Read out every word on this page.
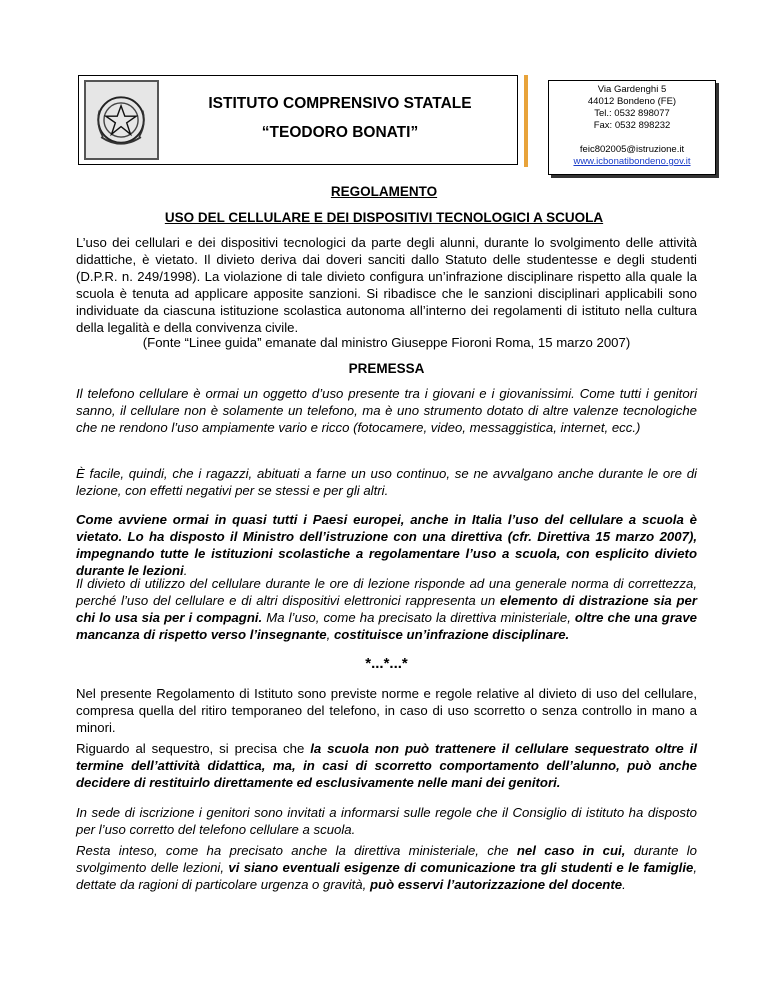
ISTITUTO COMPRENSIVO STATALE
“TEODORO BONATI”
Via Gardenghi 5
44012 Bondeno (FE)
Tel.: 0532 898077
Fax: 0532 898232
feic802005@istruzione.it
www.icbonatibondeno.gov.it
REGOLAMENTO
USO DEL CELLULARE E DEI DISPOSITIVI TECNOLOGICI A SCUOLA
L’uso dei cellulari e dei dispositivi tecnologici da parte degli alunni, durante lo svolgimento delle attività didattiche, è vietato. Il divieto deriva dai doveri sanciti dallo Statuto delle studentesse e degli studenti (D.P.R. n. 249/1998). La violazione di tale divieto configura un’infrazione disciplinare rispetto alla quale la scuola è tenuta ad applicare apposite sanzioni. Si ribadisce che le sanzioni disciplinari applicabili sono individuate da ciascuna istituzione scolastica autonoma all’interno dei regolamenti di istituto nella cultura della legalità e della convivenza civile.
(Fonte “Linee guida” emanate dal ministro Giuseppe Fioroni Roma, 15 marzo 2007)
PREMESSA
Il telefono cellulare è ormai un oggetto d’uso presente tra i giovani e i giovanissimi. Come tutti i genitori sanno, il cellulare non è solamente un telefono, ma è uno strumento dotato di altre valenze tecnologiche che ne rendono l’uso ampiamente vario e ricco (fotocamere, video, messaggistica, internet, ecc.)
È facile, quindi, che i ragazzi, abituati a farne un uso continuo, se ne avvalgano anche durante le ore di lezione, con effetti negativi per se stessi e per gli altri.
Come avviene ormai in quasi tutti i Paesi europei, anche in Italia l’uso del cellulare a scuola è vietato. Lo ha disposto il Ministro dell’istruzione con una direttiva (cfr. Direttiva 15 marzo 2007), impegnando tutte le istituzioni scolastiche a regolamentare l’uso a scuola, con esplicito divieto durante le lezioni.
Il divieto di utilizzo del cellulare durante le ore di lezione risponde ad una generale norma di correttezza, perché l’uso del cellulare e di altri dispositivi elettronici rappresenta un elemento di distrazione sia per chi lo usa sia per i compagni. Ma l’uso, come ha precisato la direttiva ministeriale, oltre che una grave mancanza di rispetto verso l’insegnante, costituisce un’infrazione disciplinare.
*...*...*
Nel presente Regolamento di Istituto sono previste norme e regole relative al divieto di uso del cellulare, compresa quella del ritiro temporaneo del telefono, in caso di uso scorretto o senza controllo in mano a minori.
Riguardo al sequestro, si precisa che la scuola non può trattenere il cellulare sequestrato oltre il termine dell’attività didattica, ma, in casi di scorretto comportamento dell’alunno, può anche decidere di restituirlo direttamente ed esclusivamente nelle mani dei genitori.
In sede di iscrizione i genitori sono invitati a informarsi sulle regole che il Consiglio di istituto ha disposto per l’uso corretto del telefono cellulare a scuola.
Resta inteso, come ha precisato anche la direttiva ministeriale, che nel caso in cui, durante lo svolgimento delle lezioni, vi siano eventuali esigenze di comunicazione tra gli studenti e le famiglie, dettate da ragioni di particolare urgenza o gravità, può esservi l’autorizzazione del docente.
